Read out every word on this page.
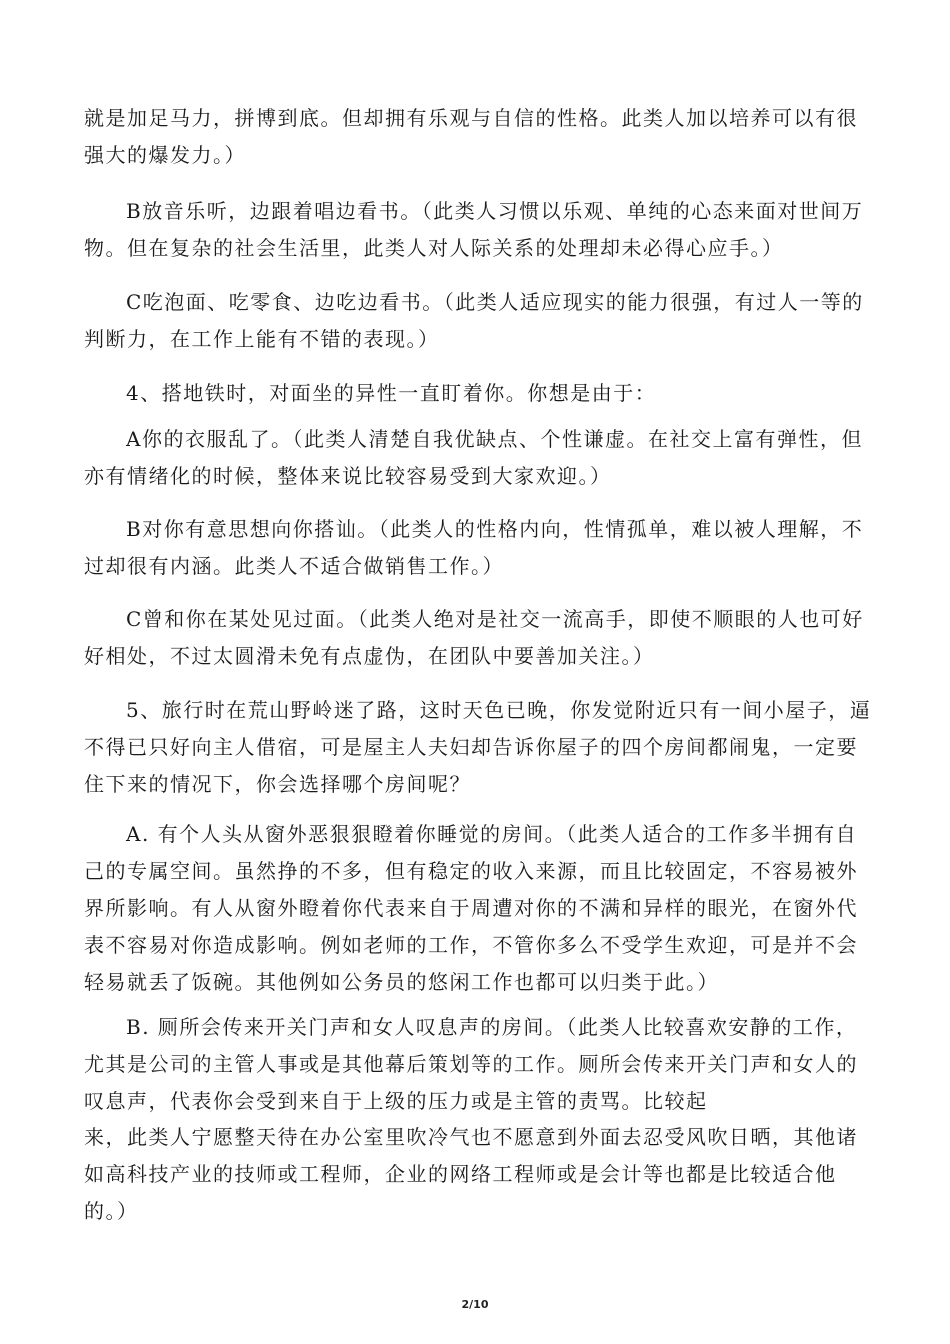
就是加足马力，拼博到底。但却拥有乐观与自信的性格。此类人加以培养可以有很强大的爆发力。）

B放音乐听，边跟着唱边看书。（此类人习惯以乐观、单纯的心态来面对世间万物。但在复杂的社会生活里，此类人对人际关系的处理却未必得心应手。）

C吃泡面、吃零食、边吃边看书。（此类人适应现实的能力很强，有过人一等的判断力，在工作上能有不错的表现。）

4、搭地铁时，对面坐的异性一直盯着你。你想是由于：

A你的衣服乱了。（此类人清楚自我优缺点、个性谦虚。在社交上富有弹性，但亦有情绪化的时候，整体来说比较容易受到大家欢迎。）

B对你有意思想向你搭讪。（此类人的性格内向，性情孤单，难以被人理解，不过却很有内涵。此类人不适合做销售工作。）

C曾和你在某处见过面。（此类人绝对是社交一流高手，即使不顺眼的人也可好好相处，不过太圆滑未免有点虚伪，在团队中要善加关注。）

5、旅行时在荒山野岭迷了路，这时天色已晚，你发觉附近只有一间小屋子，逼不得已只好向主人借宿，可是屋主人夫妇却告诉你屋子的四个房间都闹鬼，一定要住下来的情况下，你会选择哪个房间呢？

A. 有个人头从窗外恶狠狠瞪着你睡觉的房间。（此类人适合的工作多半拥有自己的专属空间。虽然挣的不多，但有稳定的收入来源，而且比较固定，不容易被外界所影响。有人从窗外瞪着你代表来自于周遭对你的不满和异样的眼光，在窗外代表不容易对你造成影响。例如老师的工作，不管你多么不受学生欢迎，可是并不会轻易就丢了饭碗。其他例如公务员的悠闲工作也都可以归类于此。）

B. 厕所会传来开关门声和女人叹息声的房间。（此类人比较喜欢安静的工作，尤其是公司的主管人事或是其他幕后策划等的工作。厕所会传来开关门声和女人的叹息声，代表你会受到来自于上级的压力或是主管的责骂。比较起

来，此类人宁愿整天待在办公室里吹冷气也不愿意到外面去忍受风吹日晒，其他诸如高科技产业的技师或工程师，企业的网络工程师或是会计等也都是比较适合他的。）

2/10
